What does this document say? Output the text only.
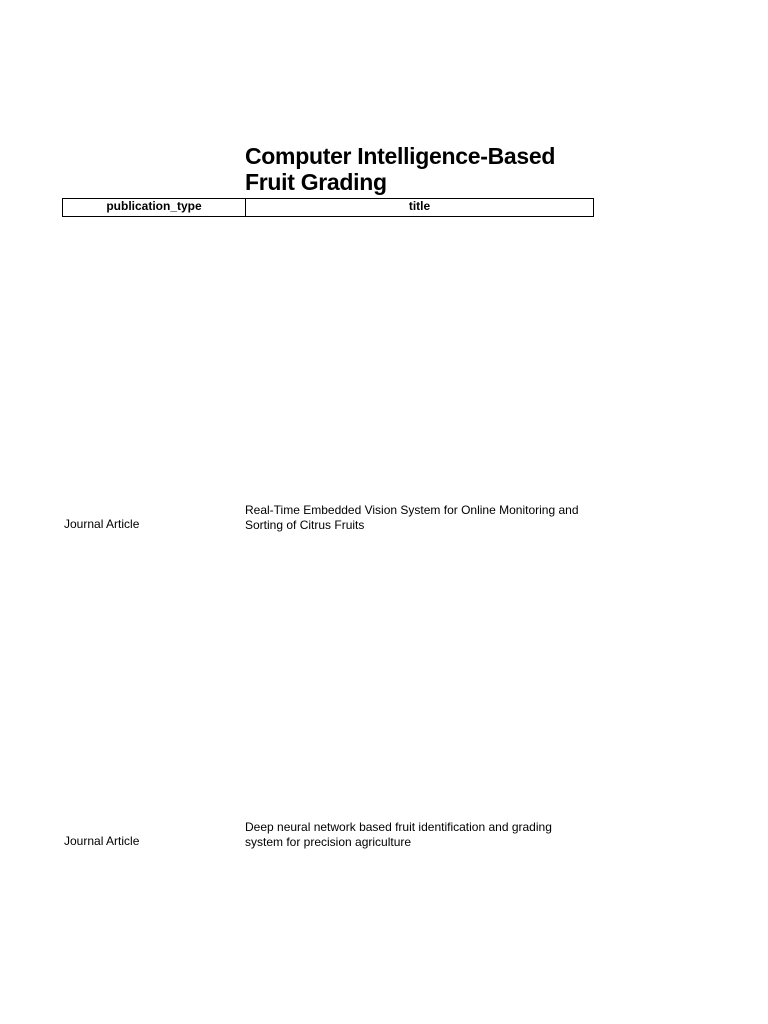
Computer Intelligence-Based Fruit Grading
publication_type	title
Journal Article
Real-Time Embedded Vision System for Online Monitoring and Sorting of Citrus Fruits
Journal Article
Deep neural network based fruit identification and grading system for precision agriculture
